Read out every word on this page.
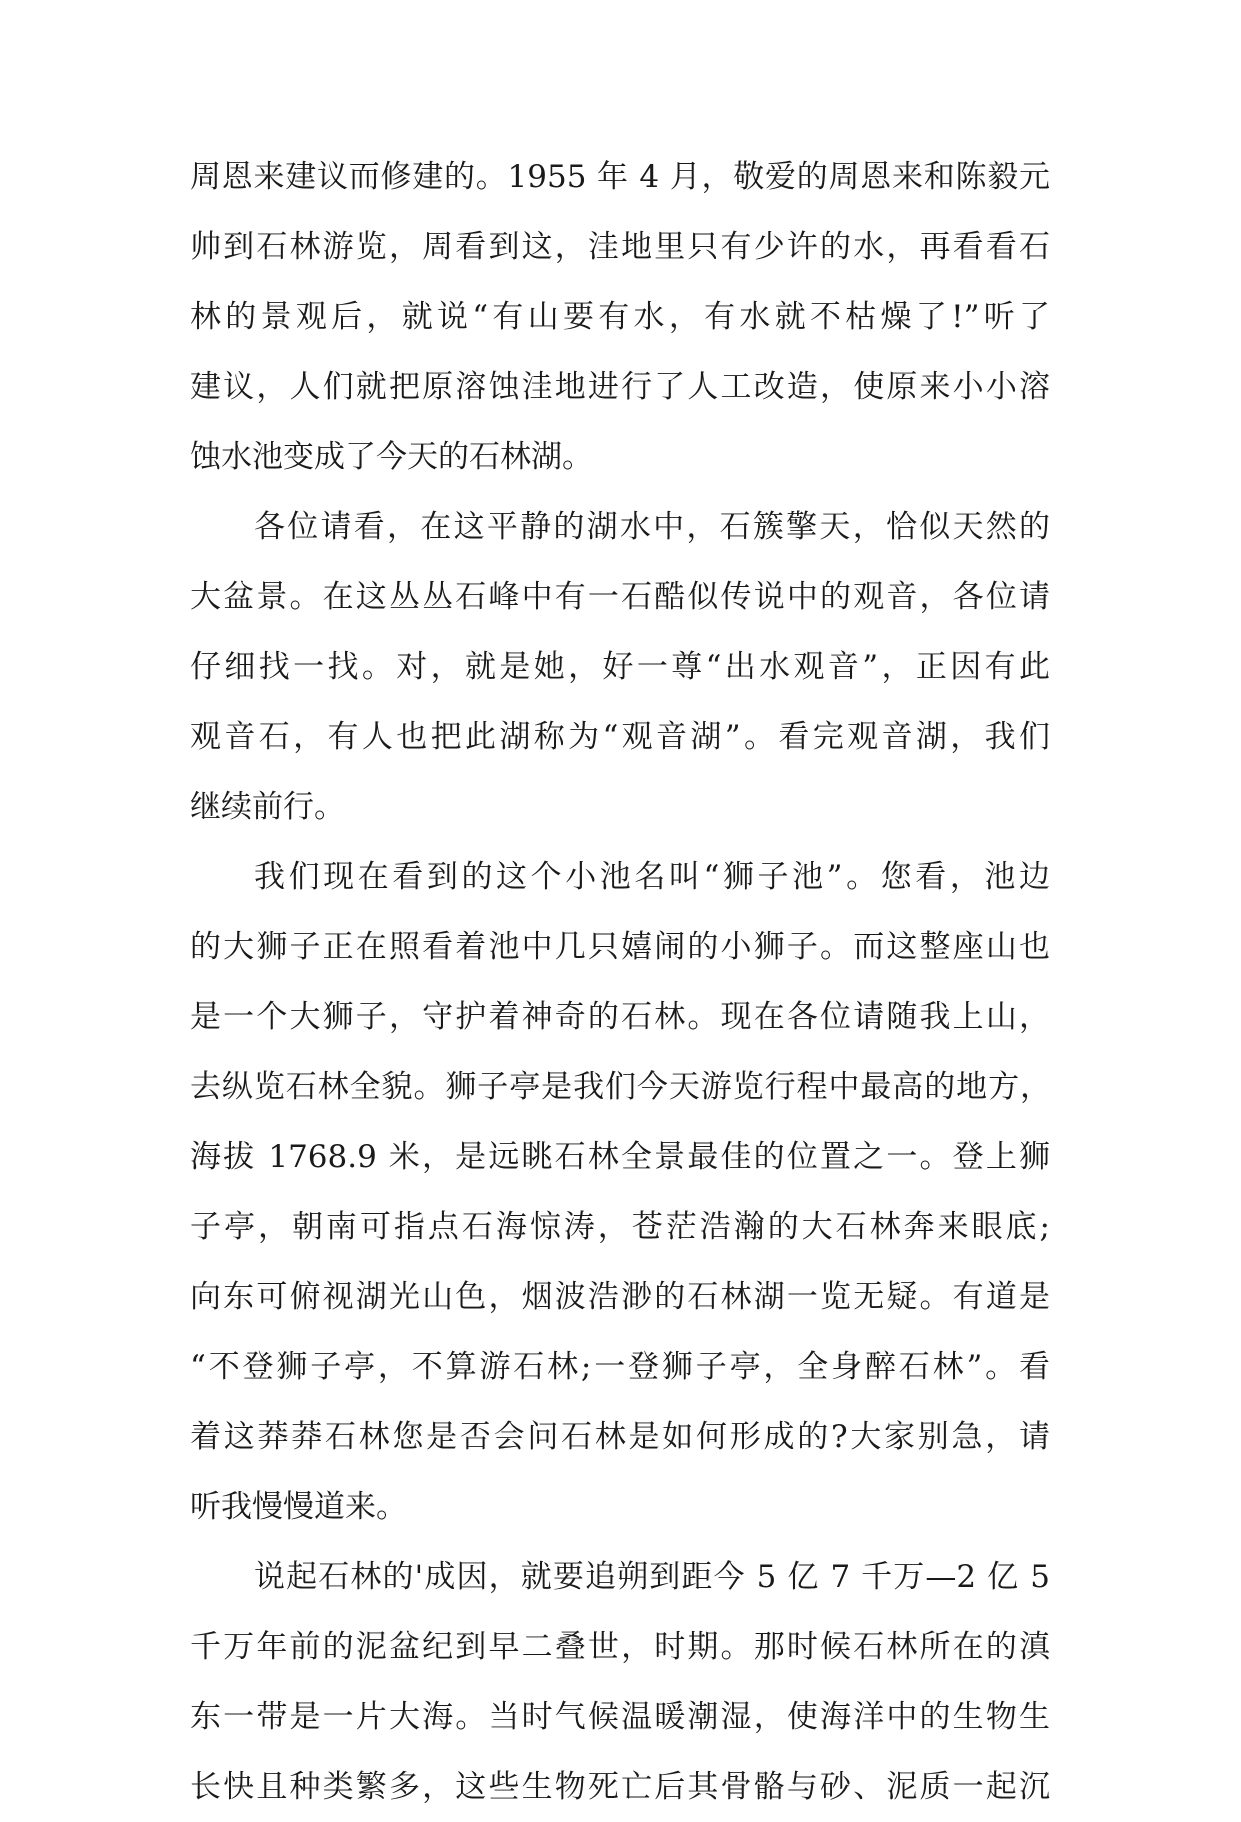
周恩来建议而修建的。1955 年 4 月，敬爱的周恩来和陈毅元
帅到石林游览，周看到这，洼地里只有少许的水，再看看石
林的景观后，就说“有山要有水，有水就不枯燥了!”听了
建议，人们就把原溶蚀洼地进行了人工改造，使原来小小溶
蚀水池变成了今天的石林湖。
各位请看，在这平静的湖水中，石簇擎天，恰似天然的
大盆景。在这丛丛石峰中有一石酷似传说中的观音，各位请
仔细找一找。对，就是她，好一尊“出水观音”，正因有此
观音石，有人也把此湖称为“观音湖”。看完观音湖，我们
继续前行。
我们现在看到的这个小池名叫“狮子池”。您看，池边
的大狮子正在照看着池中几只嬉闹的小狮子。而这整座山也
是一个大狮子，守护着神奇的石林。现在各位请随我上山，
去纵览石林全貌。狮子亭是我们今天游览行程中最高的地方，
海拔 1768.9 米，是远眺石林全景最佳的位置之一。登上狮
子亭，朝南可指点石海惊涛，苍茫浩瀚的大石林奔来眼底;
向东可俯视湖光山色，烟波浩渺的石林湖一览无疑。有道是
“不登狮子亭，不算游石林;一登狮子亭，全身醉石林”。看
着这莽莽石林您是否会问石林是如何形成的?大家别急，请
听我慢慢道来。
说起石林的'成因，就要追朔到距今 5 亿 7 千万—2 亿 5
千万年前的泥盆纪到早二叠世，时期。那时候石林所在的滇
东一带是一片大海。当时气候温暖潮湿，使海洋中的生物生
长快且种类繁多，这些生物死亡后其骨骼与砂、泥质一起沉
